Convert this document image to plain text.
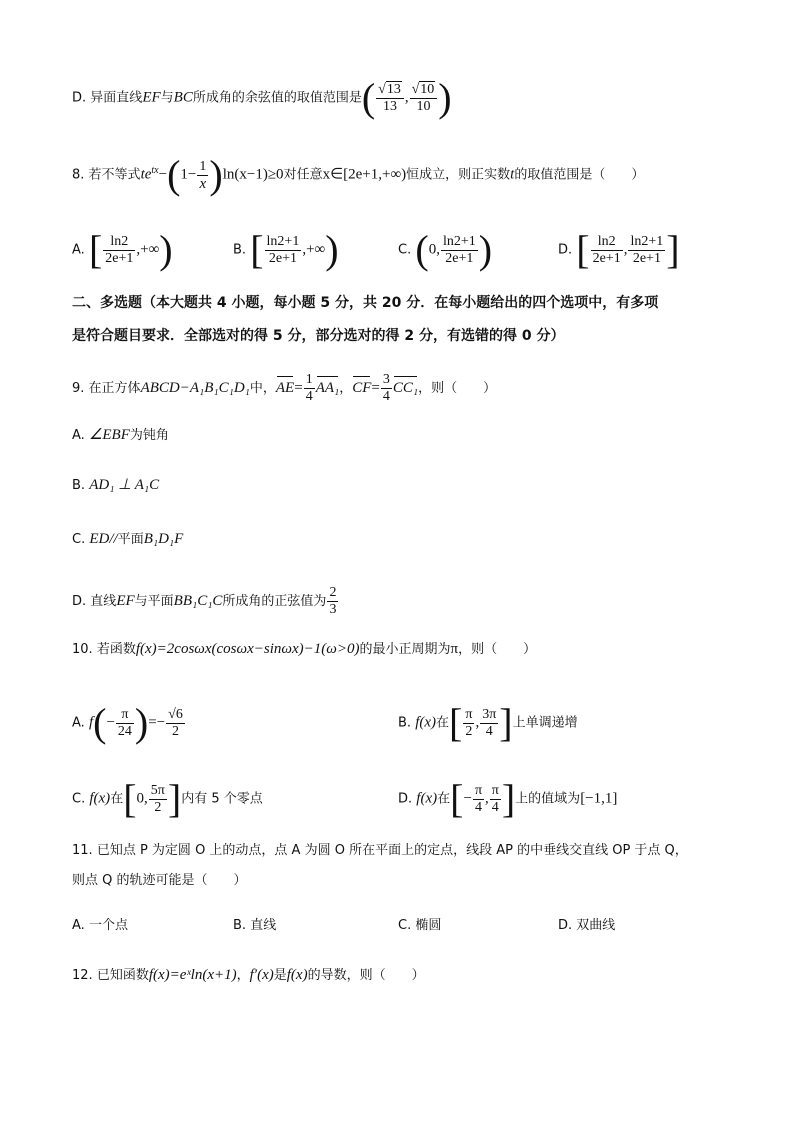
D. 异面直线EF与BC所成角的余弦值的取值范围是( $\frac{√13}{13}$ , $\frac{√10}{10}$ )
8. 若不等式$te^{tx}-(1- \frac{1}{x} )\ln(x-1)\ge 0$对任意x∈[2e+1,+∞)恒成立，则正实数t的取值范围是（　　）
A. [ $\frac{\ln 2}{2e+1}$ ,+∞)	B. [ $\frac{\ln 2+1}{2e+1}$ ,+∞)	C. (0, $\frac{\ln 2+1}{2e+1}$ )	D. [ $\frac{\ln 2}{2e+1}$ , $\frac{\ln 2+1}{2e+1}$ ]
二、多选题（本大题共 4 小题，每小题 5 分，共 20 分．在每小题给出的四个选项中，有多项
是符合题目要求．全部选对的得 5 分，部分选对的得 2 分，有选错的得 0 分）
9. 在正方体ABCD−A₁B₁C₁D₁中，$AE= \frac{1}{4} AA_1$，$CF= \frac{3}{4} CC_1$，则（　　）
A. ∠EBF为钝角
B. AD₁ ⊥ A₁C
C. ED//平面B₁D₁F
D. 直线EF与平面BB₁C₁C所成角的正弦值为 $\frac{2}{3}$
10. 若函数f(x)=2cosωx(cosωx−sinωx)−1(ω>0)的最小正周期为π，则（　　）
A. $f(- \frac{\pi}{24}$ )=− $\frac{√6}{2}$	B. f(x)在[ $\frac{\pi}{2}$ , $\frac{3\pi}{4}$ ]上单调递增
C. f(x)在[0, $\frac{5\pi}{2}$ ]内有 5 个零点	D. f(x)在[− $\frac{\pi}{4}$ , $\frac{\pi}{4}$ ]上的值域为[−1,1]
11. 已知点 P 为定圆 O 上的动点，点 A 为圆 O 所在平面上的定点，线段 AP 的中垂线交直线 OP 于点 Q，
则点 Q 的轨迹可能是（　　）
A. 一个点	B. 直线	C. 椭圆	D. 双曲线
12. 已知函数f(x)=eˣln(x+1)，f′(x)是f(x)的导数，则（　　）
